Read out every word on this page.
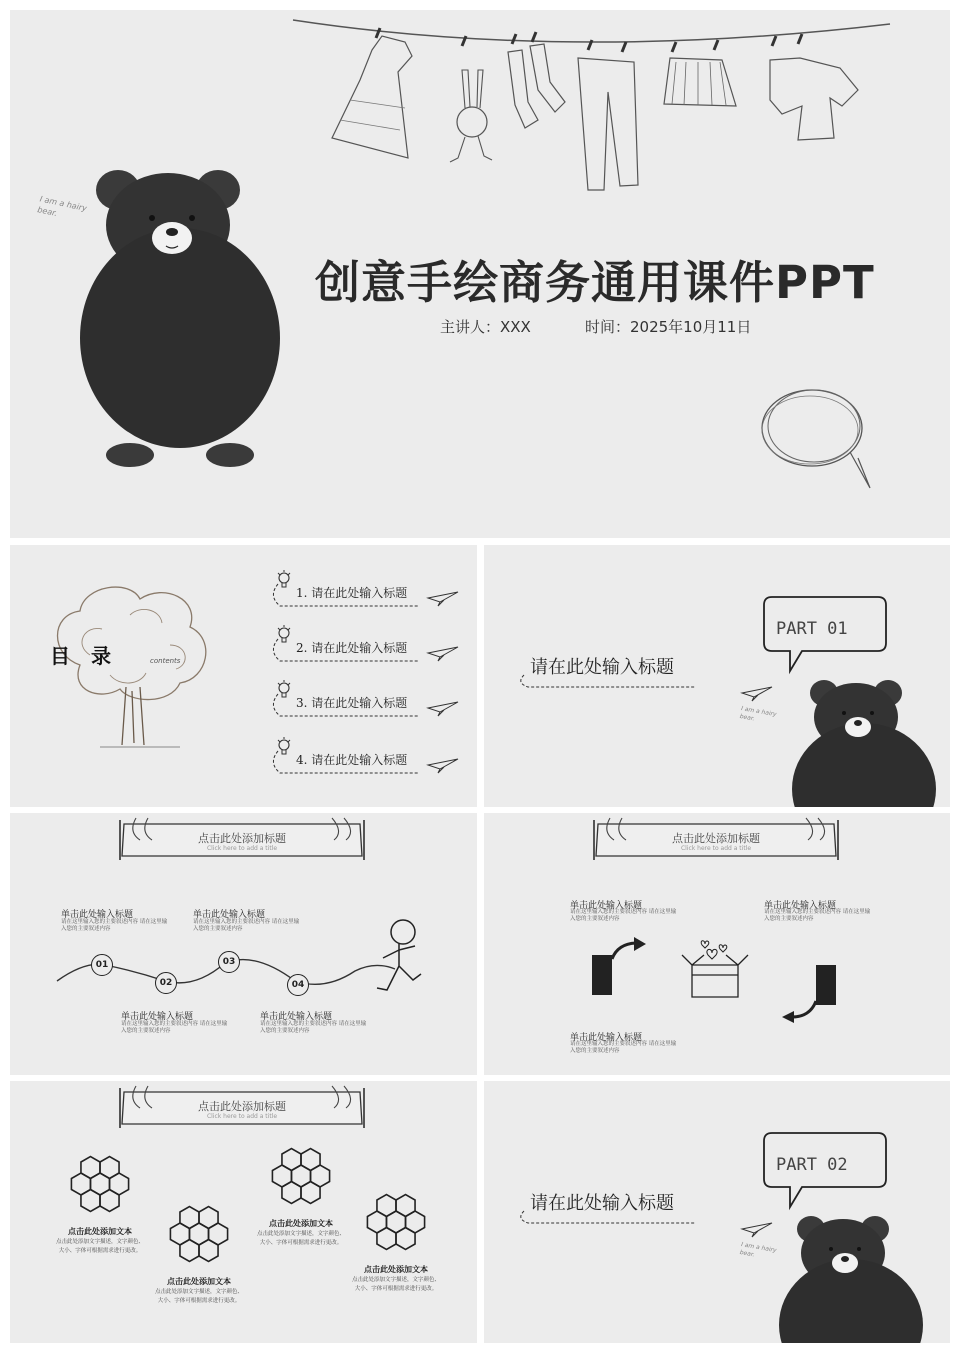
I am a hairy bear.
创意手绘商务通用课件PPT
主讲人：XXX	时间：2025年10月11日
目 录	contents
1. 请在此处输入标题
2. 请在此处输入标题
3. 请在此处输入标题
4. 请在此处输入标题
PART 01
请在此处输入标题
I am a hairy bear.
点击此处添加标题
Click here to add a title
01
02
03
04
单击此处输入标题
请在这里输入您的主要叙述内容 请在这里输入您的主要叙述内容
单击此处输入标题
请在这里输入您的主要叙述内容 请在这里输入您的主要叙述内容
单击此处输入标题
请在这里输入您的主要叙述内容 请在这里输入您的主要叙述内容
单击此处输入标题
请在这里输入您的主要叙述内容 请在这里输入您的主要叙述内容
点击此处添加标题
Click here to add a title
单击此处输入标题
请在这里输入您的主要叙述内容 请在这里输入您的主要叙述内容
单击此处输入标题
请在这里输入您的主要叙述内容 请在这里输入您的主要叙述内容
单击此处输入标题
请在这里输入您的主要叙述内容 请在这里输入您的主要叙述内容
点击此处添加标题
Click here to add a title
点击此处添加文本
点击此处添加文字描述，文字颜色、大小、字体可根据需求进行更改。
点击此处添加文本
点击此处添加文字描述，文字颜色、大小、字体可根据需求进行更改。
点击此处添加文本
点击此处添加文字描述，文字颜色、大小、字体可根据需求进行更改。
点击此处添加文本
点击此处添加文字描述，文字颜色、大小、字体可根据需求进行更改。
PART 02
请在此处输入标题
I am a hairy bear.
